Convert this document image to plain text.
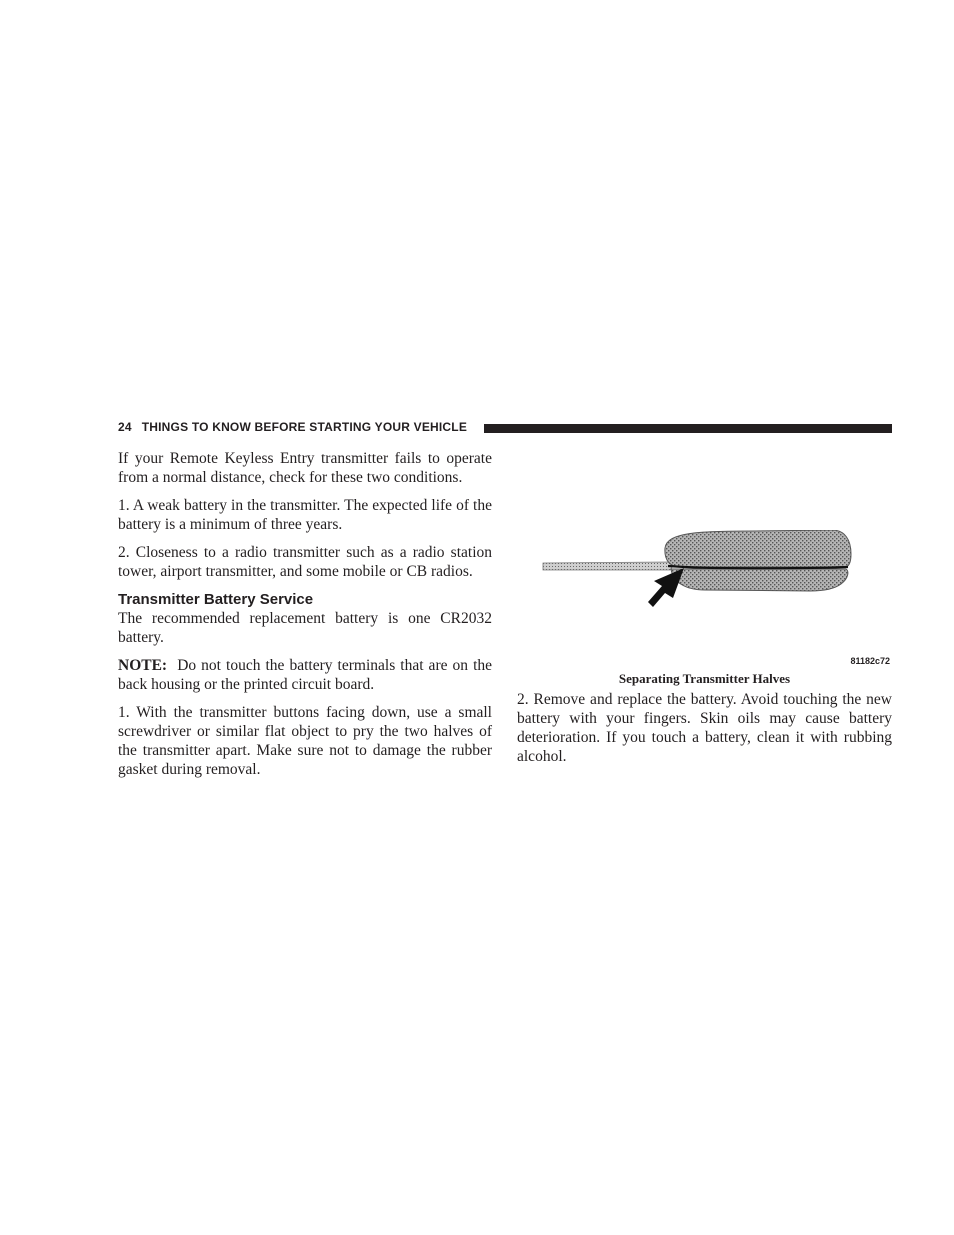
24 THINGS TO KNOW BEFORE STARTING YOUR VEHICLE

If your Remote Keyless Entry transmitter fails to operate from a normal distance, check for these two conditions.

1. A weak battery in the transmitter. The expected life of the battery is a minimum of three years.

2. Closeness to a radio transmitter such as a radio station tower, airport transmitter, and some mobile or CB radios.

Transmitter Battery Service

The recommended replacement battery is one CR2032 battery.

NOTE: Do not touch the battery terminals that are on the back housing or the printed circuit board.

1. With the transmitter buttons facing down, use a small screwdriver or similar flat object to pry the two halves of the transmitter apart. Make sure not to damage the rubber gasket during removal.

81182c72
Separating Transmitter Halves

2. Remove and replace the battery. Avoid touching the new battery with your fingers. Skin oils may cause battery deterioration. If you touch a battery, clean it with rubbing alcohol.
